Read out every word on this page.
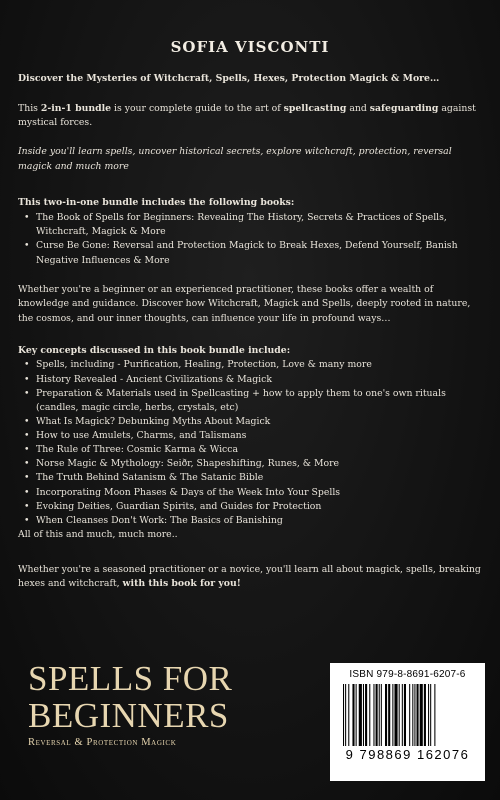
SOFIA VISCONTI

Discover the Mysteries of Witchcraft, Spells, Hexes, Protection Magick & More…

This 2-in-1 bundle is your complete guide to the art of spellcasting and safeguarding against mystical forces.

Inside you'll learn spells, uncover historical secrets, explore witchcraft, protection, reversal magick and much more

This two-in-one bundle includes the following books:

• The Book of Spells for Beginners: Revealing The History, Secrets & Practices of Spells, Witchcraft, Magick & More
• Curse Be Gone: Reversal and Protection Magick to Break Hexes, Defend Yourself, Banish Negative Influences & More

Whether you're a beginner or an experienced practitioner, these books offer a wealth of knowledge and guidance. Discover how Witchcraft, Magick and Spells, deeply rooted in nature, the cosmos, and our inner thoughts, can influence your life in profound ways…

Key concepts discussed in this book bundle include:

• Spells, including - Purification, Healing, Protection, Love & many more
• History Revealed - Ancient Civilizations & Magick
• Preparation & Materials used in Spellcasting + how to apply them to one's own rituals (candles, magic circle, herbs, crystals, etc)
• What Is Magick? Debunking Myths About Magick
• How to use Amulets, Charms, and Talismans
• The Rule of Three: Cosmic Karma & Wicca
• Norse Magic & Mythology: Seiðr, Shapeshifting, Runes, & More
• The Truth Behind Satanism & The Satanic Bible
• Incorporating Moon Phases & Days of the Week Into Your Spells
• Evoking Deities, Guardian Spirits, and Guides for Protection
• When Cleanses Don't Work: The Basics of Banishing

All of this and much, much more..

Whether you're a seasoned practitioner or a novice, you'll learn all about magick, spells, breaking hexes and witchcraft, with this book for you!

SPELLS FOR
BEGINNERS
Reversal & Protection Magick
ISBN 979-8-8691-6207-6
9 798869 162076
